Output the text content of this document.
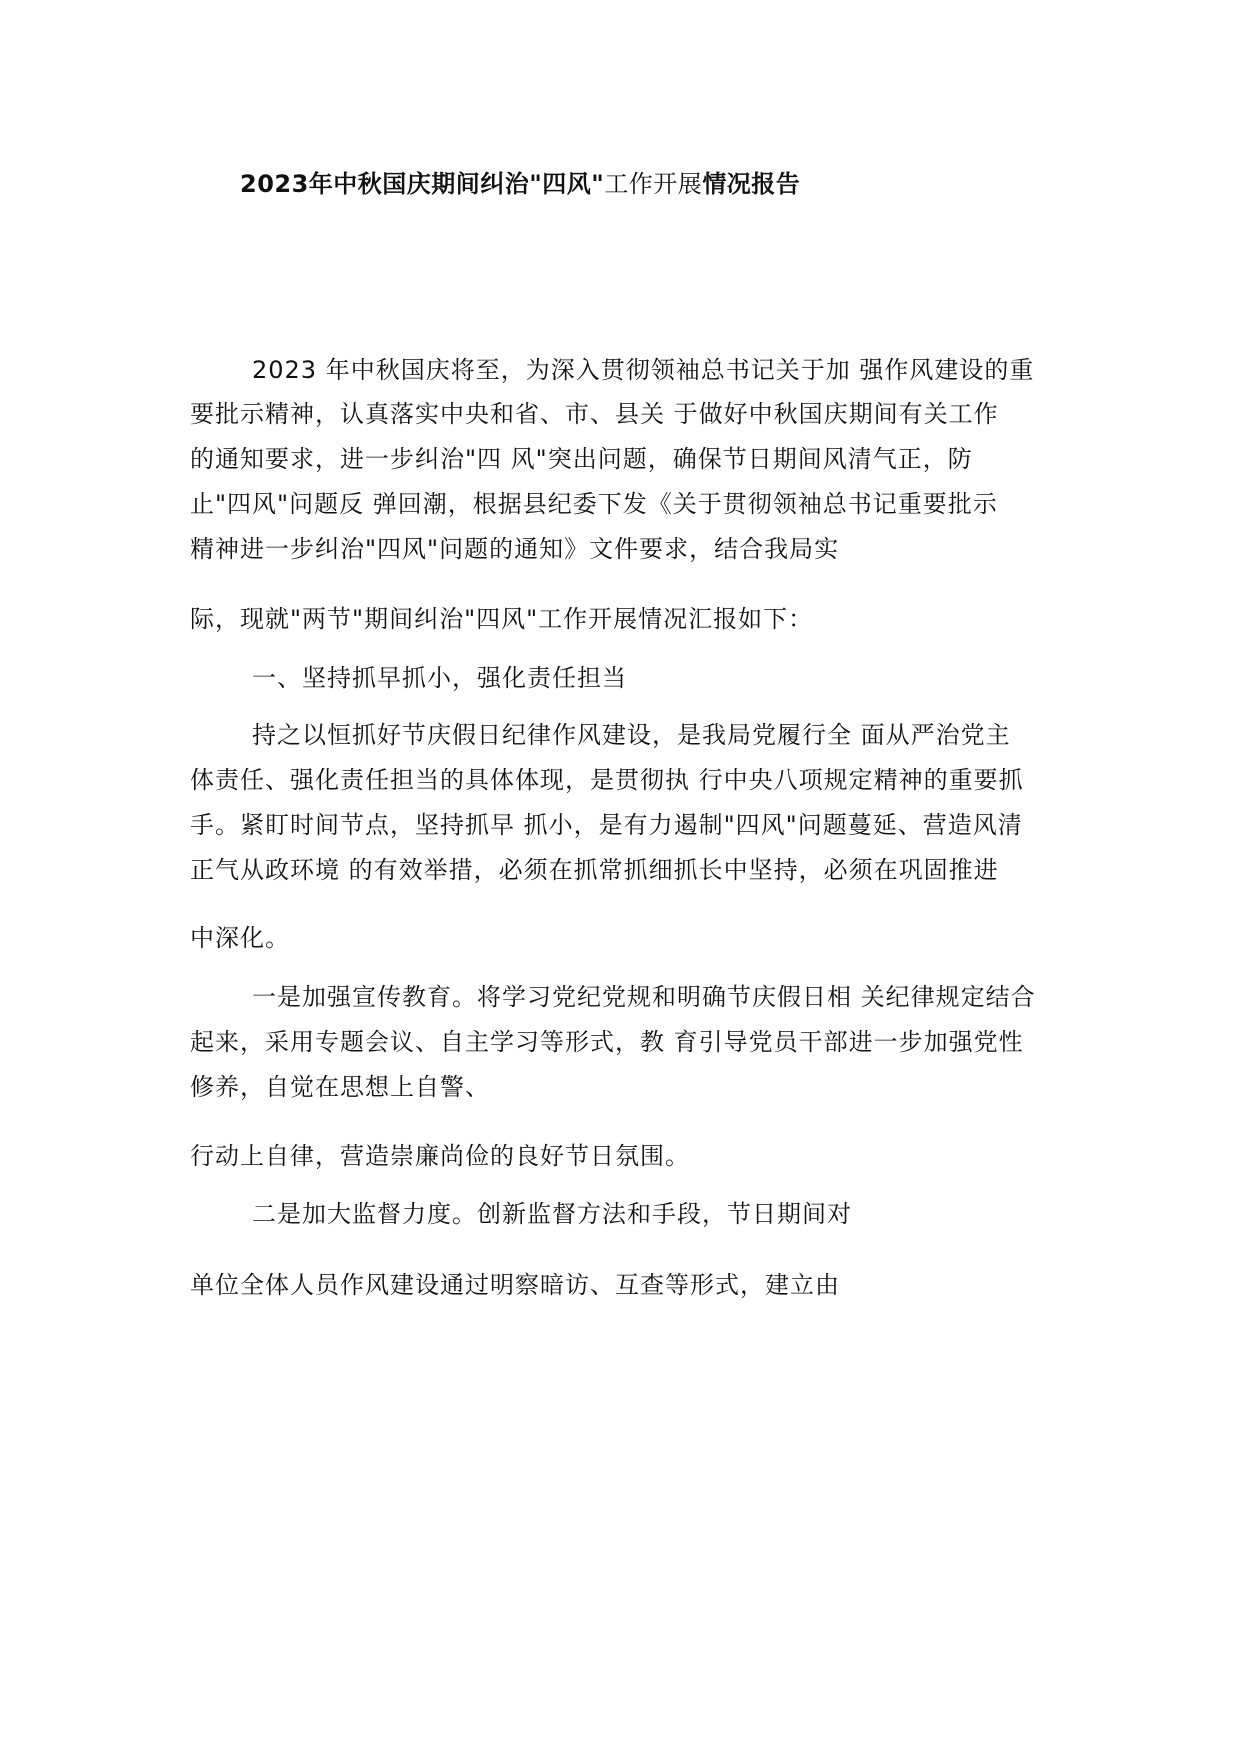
2023年中秋国庆期间纠治"四风"工作开展情况报告

2023 年中秋国庆将至，为深入贯彻领袖总书记关于加 强作风建设的重

要批示精神，认真落实中央和省、市、县关 于做好中秋国庆期间有关工作

的通知要求，进一步纠治"四 风"突出问题，确保节日期间风清气正，防

止"四风"问题反 弹回潮，根据县纪委下发《关于贯彻领袖总书记重要批示

精神进一步纠治"四风"问题的通知》文件要求，结合我局实

际，现就"两节"期间纠治"四风"工作开展情况汇报如下：

一、坚持抓早抓小，强化责任担当

持之以恒抓好节庆假日纪律作风建设，是我局党履行全 面从严治党主

体责任、强化责任担当的具体体现，是贯彻执 行中央八项规定精神的重要抓

手。紧盯时间节点，坚持抓早 抓小，是有力遏制"四风"问题蔓延、营造风清

正气从政环境 的有效举措，必须在抓常抓细抓长中坚持，必须在巩固推进

中深化。

一是加强宣传教育。将学习党纪党规和明确节庆假日相 关纪律规定结合

起来，采用专题会议、自主学习等形式，教 育引导党员干部进一步加强党性

修养，自觉在思想上自警、

行动上自律，营造崇廉尚俭的良好节日氛围。

二是加大监督力度。创新监督方法和手段，节日期间对

单位全体人员作风建设通过明察暗访、互查等形式，建立由
